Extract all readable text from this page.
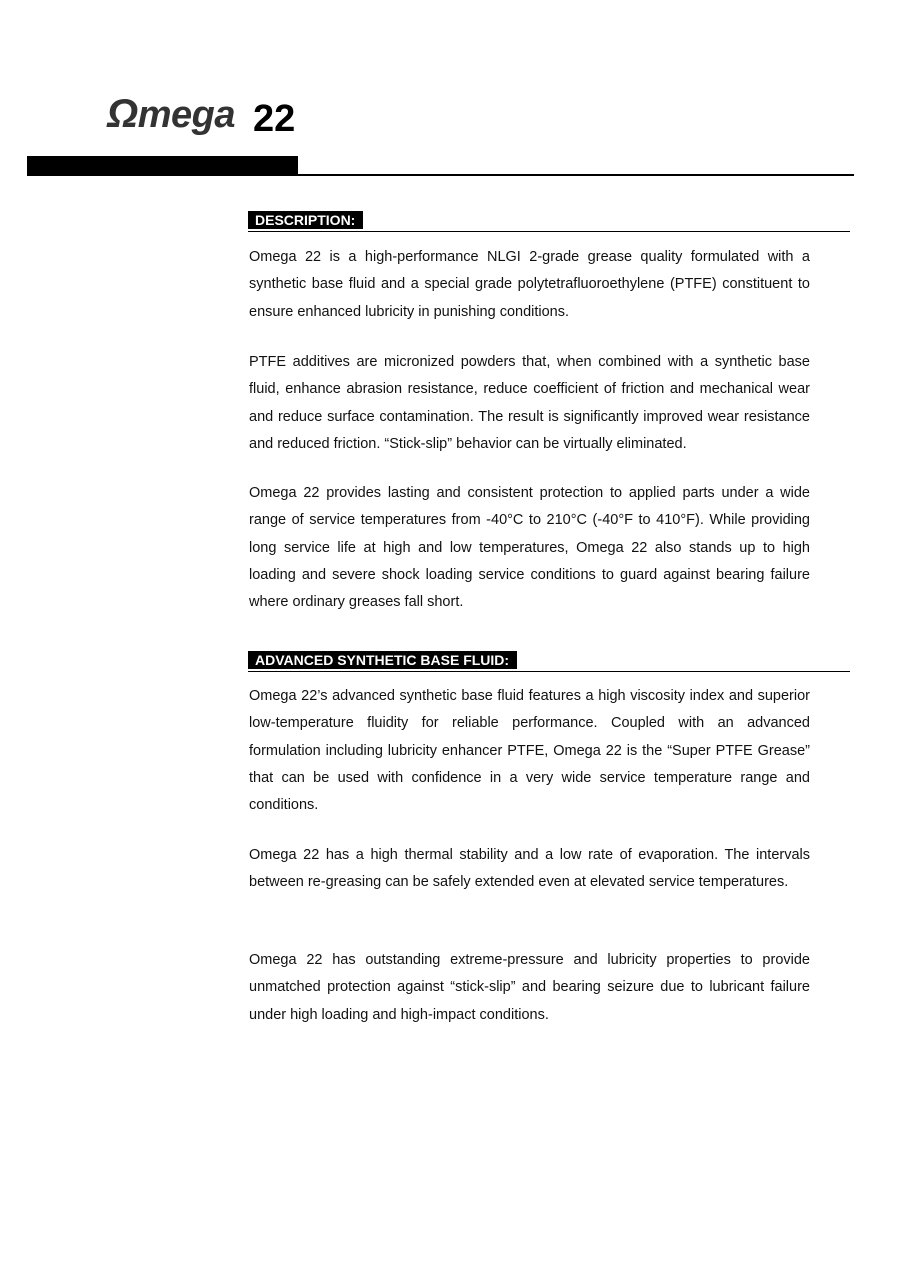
Ωmega 22
DESCRIPTION:

Omega 22 is a high-performance NLGI 2-grade grease quality formulated with a synthetic base fluid and a special grade polytetrafluoroethylene (PTFE) constituent to ensure enhanced lubricity in punishing conditions.

PTFE additives are micronized powders that, when combined with a synthetic base fluid, enhance abrasion resistance, reduce coefficient of friction and mechanical wear and reduce surface contamination. The result is significantly improved wear resistance and reduced friction. “Stick-slip” behavior can be virtually eliminated.

Omega 22 provides lasting and consistent protection to applied parts under a wide range of service temperatures from -40°C to 210°C (-40°F to 410°F). While providing long service life at high and low temperatures, Omega 22 also stands up to high loading and severe shock loading service conditions to guard against bearing failure where ordinary greases fall short.

ADVANCED SYNTHETIC BASE FLUID:

Omega 22’s advanced synthetic base fluid features a high viscosity index and superior low-temperature fluidity for reliable performance. Coupled with an advanced formulation including lubricity enhancer PTFE, Omega 22 is the “Super PTFE Grease” that can be used with confidence in a very wide service temperature range and conditions.

Omega 22 has a high thermal stability and a low rate of evaporation. The intervals between re-greasing can be safely extended even at elevated service temperatures.

Omega 22 has outstanding extreme-pressure and lubricity properties to provide unmatched protection against “stick-slip” and bearing seizure due to lubricant failure under high loading and high-impact conditions.
